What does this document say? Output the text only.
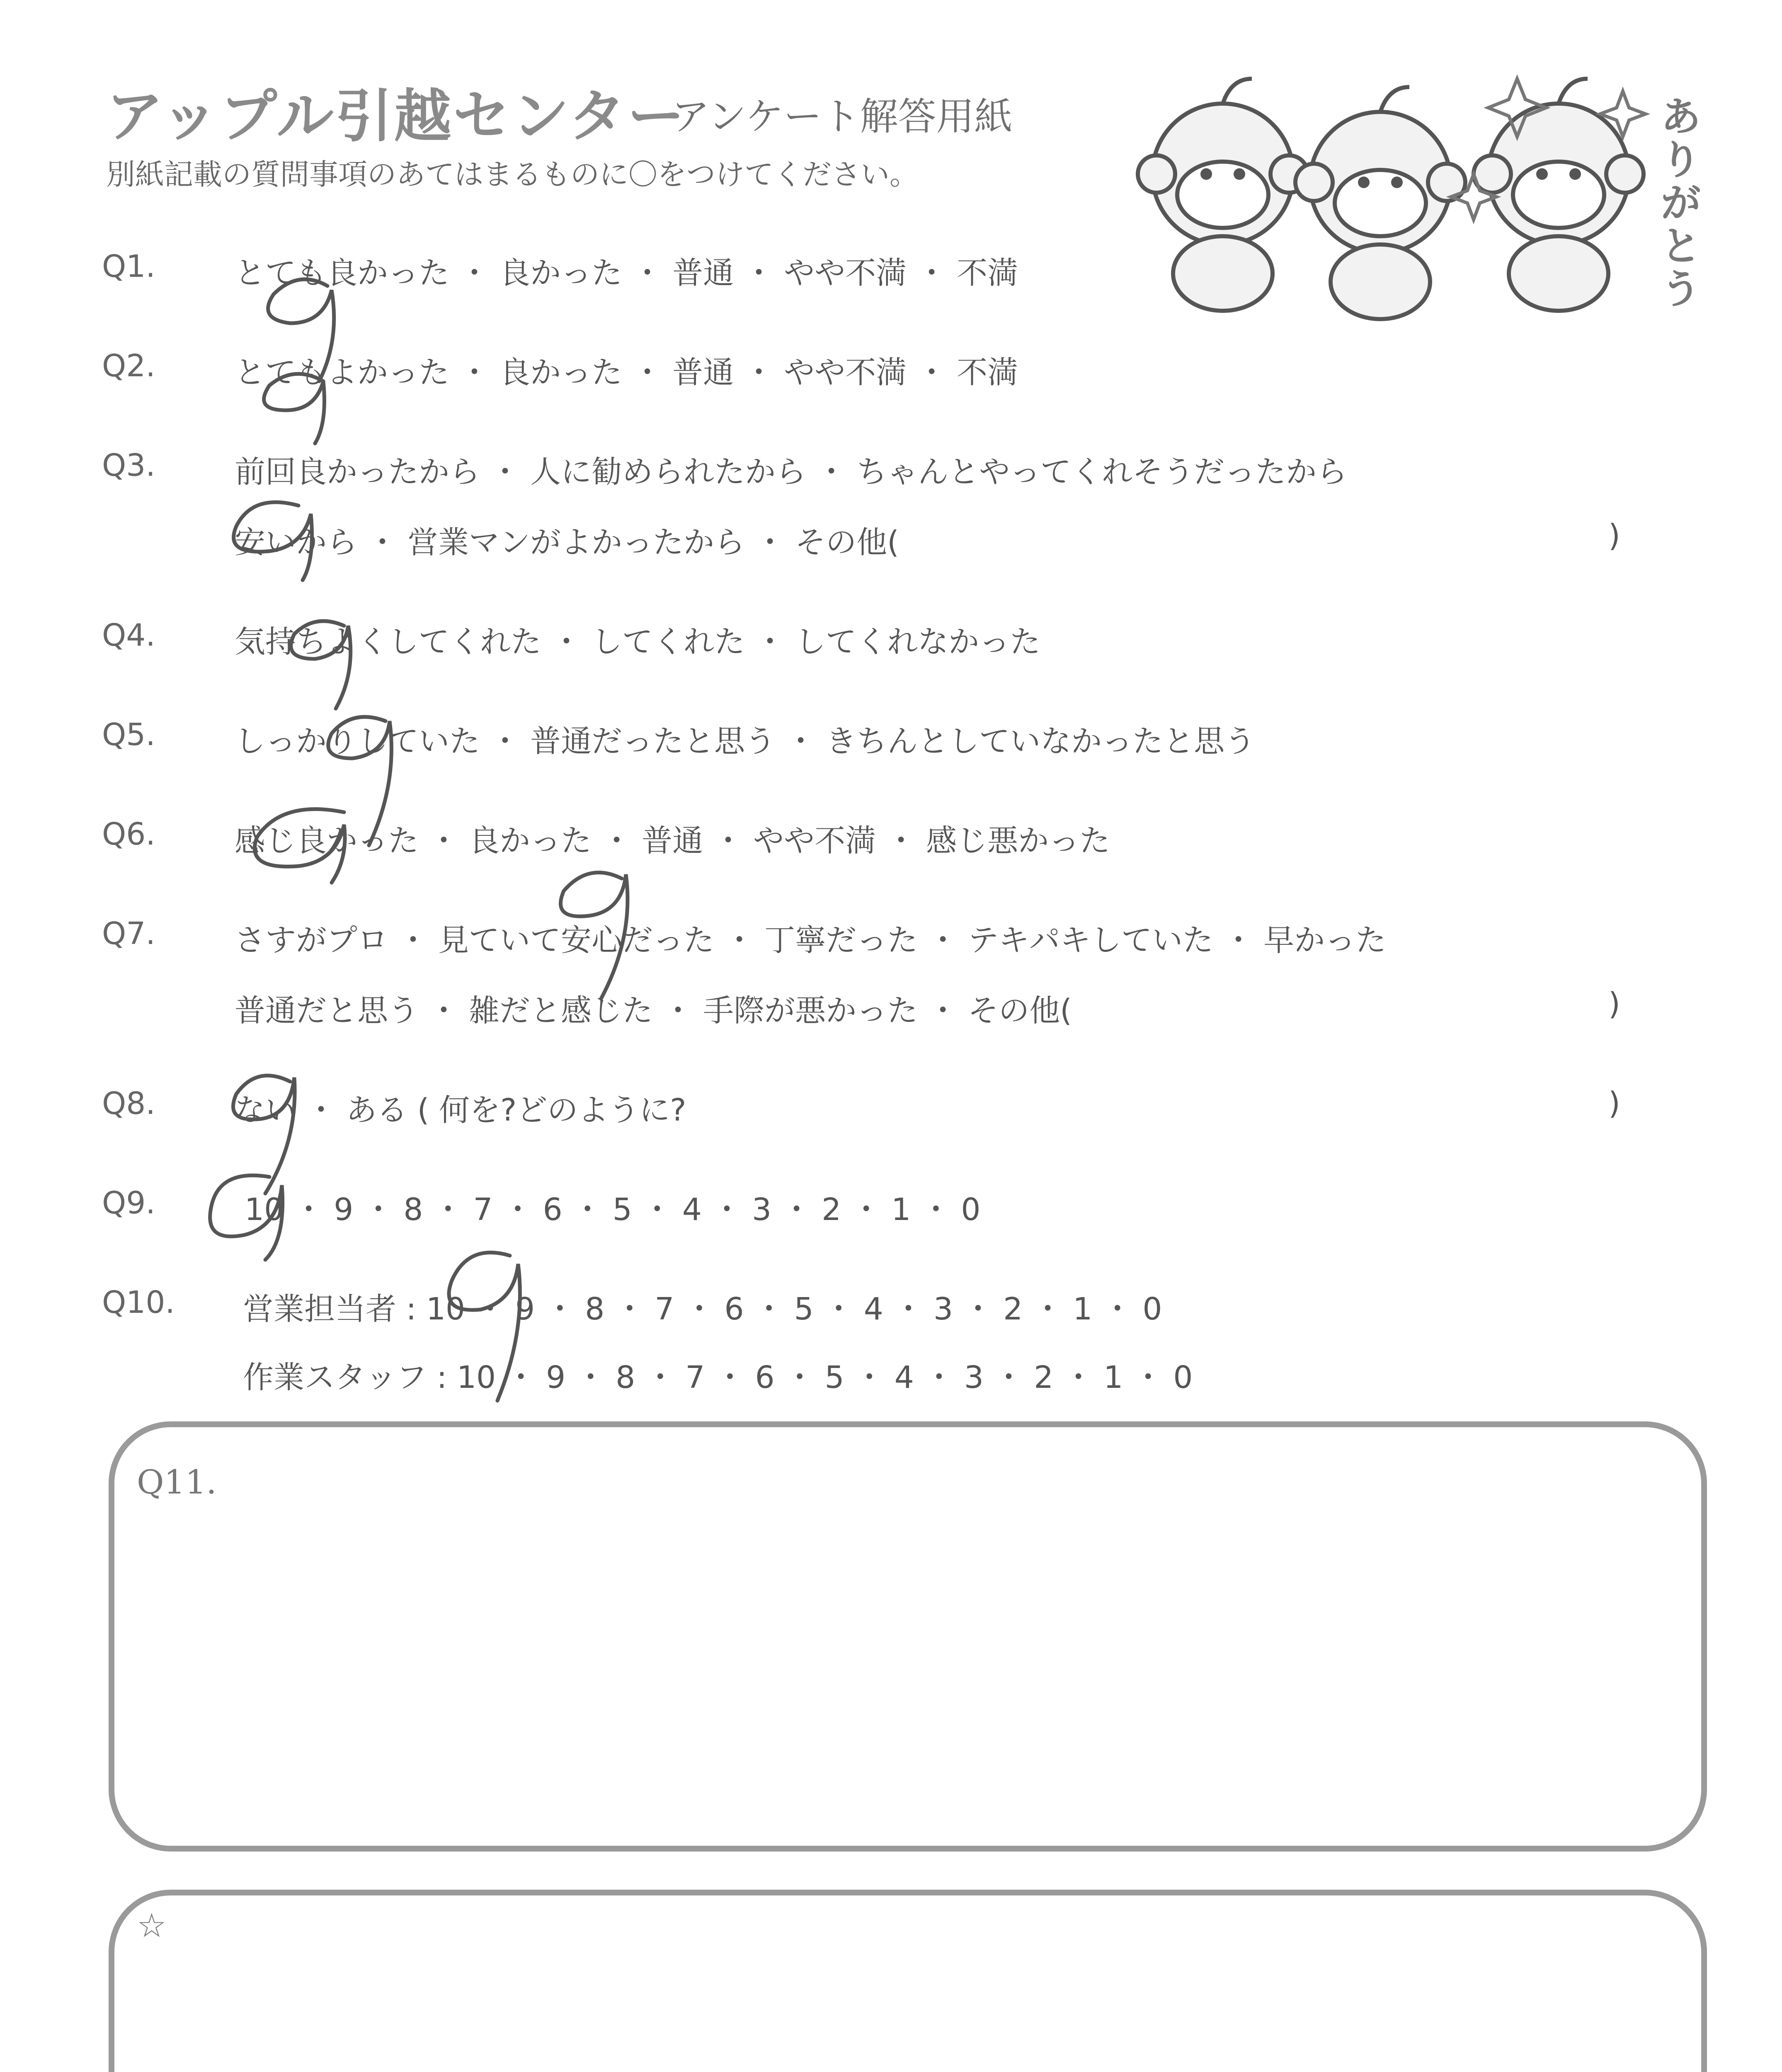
アップル引越センター
アンケート解答用紙
別紙記載の質問事項のあてはまるものに〇をつけてください。
ありがとう
Q1.	とても良かった ・ 良かった ・ 普通 ・ やや不満 ・ 不満
Q2.	とてもよかった ・ 良かった ・ 普通 ・ やや不満 ・ 不満
Q3.	前回良かったから ・ 人に勧められたから ・ ちゃんとやってくれそうだったから
安いから ・ 営業マンがよかったから ・ その他(	)
Q4.	気持ちよくしてくれた ・ してくれた ・ してくれなかった
Q5.	しっかりしていた ・ 普通だったと思う ・ きちんとしていなかったと思う
Q6.	感じ良かった ・ 良かった ・ 普通 ・ やや不満 ・ 感じ悪かった
Q7.	さすがプロ ・ 見ていて安心だった ・ 丁寧だった ・ テキパキしていた ・ 早かった
普通だと思う ・ 雑だと感じた ・ 手際が悪かった ・ その他(	)
Q8.	ない ・ ある ( 何を?どのように?	)
Q9.	10 ・ 9 ・ 8 ・ 7 ・ 6 ・ 5 ・ 4 ・ 3 ・ 2 ・ 1 ・ 0
Q10. 営業担当者 : 10 ・ 9 ・ 8 ・ 7 ・ 6 ・ 5 ・ 4 ・ 3 ・ 2 ・ 1 ・ 0
作業スタッフ : 10 ・ 9 ・ 8 ・ 7 ・ 6 ・ 5 ・ 4 ・ 3 ・ 2 ・ 1 ・ 0
Q11.
☆
